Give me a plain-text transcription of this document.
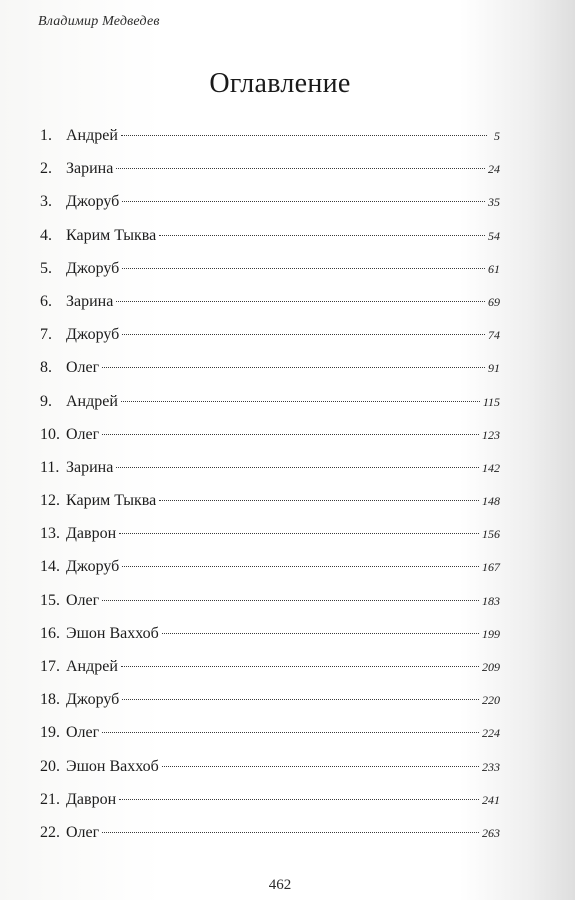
Владимир Медведев
Оглавление
1. Андрей	5
2. Зарина	24
3. Джоруб	35
4. Карим Тыква	54
5. Джоруб	61
6. Зарина	69
7. Джоруб	74
8. Олег	91
9. Андрей	115
10. Олег	123
11. Зарина	142
12. Карим Тыква	148
13. Даврон	156
14. Джоруб	167
15. Олег	183
16. Эшон Ваххоб	199
17. Андрей	209
18. Джоруб	220
19. Олег	224
20. Эшон Ваххоб	233
21. Даврон	241
22. Олег	263
462
